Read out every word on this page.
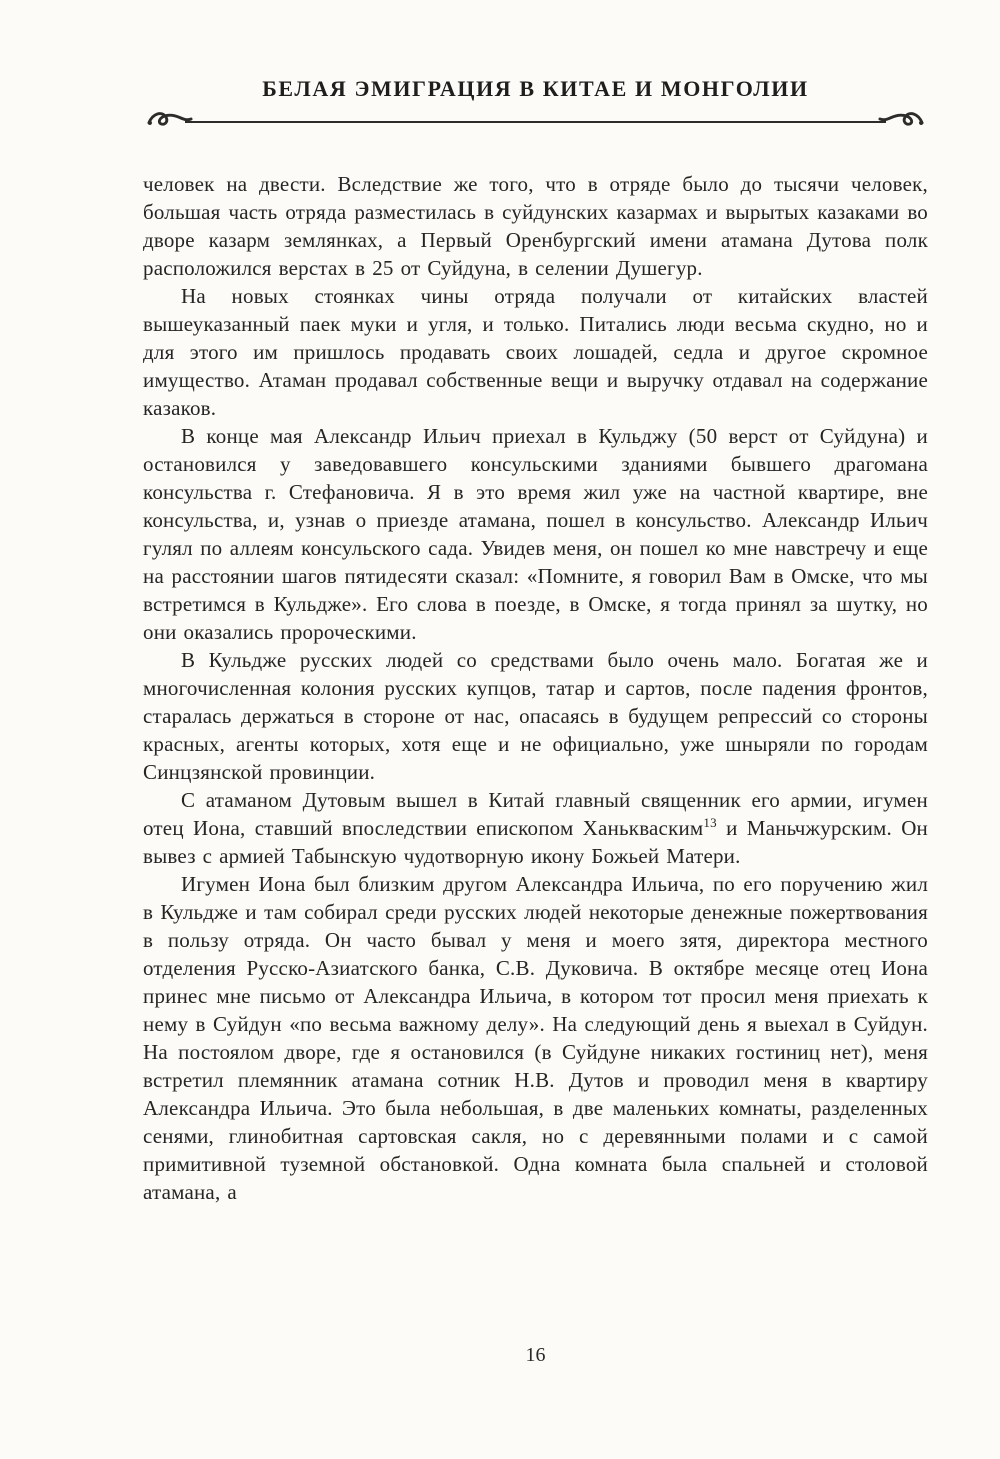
БЕЛАЯ ЭМИГРАЦИЯ В КИТАЕ И МОНГОЛИИ

человек на двести. Вследствие же того, что в отряде было до тысячи человек, большая часть отряда разместилась в суйдунских казармах и вырытых казаками во дворе казарм землянках, а Первый Оренбургский имени атамана Дутова полк расположился верстах в 25 от Суйдуна, в селении Душегур.

На новых стоянках чины отряда получали от китайских властей вышеуказанный паек муки и угля, и только. Питались люди весьма скудно, но и для этого им пришлось продавать своих лошадей, седла и другое скромное имущество. Атаман продавал собственные вещи и выручку отдавал на содержание казаков.

В конце мая Александр Ильич приехал в Кульджу (50 верст от Суйдуна) и остановился у заведовавшего консульскими зданиями бывшего драгомана консульства г. Стефановича. Я в это время жил уже на частной квартире, вне консульства, и, узнав о приезде атамана, пошел в консульство. Александр Ильич гулял по аллеям консульского сада. Увидев меня, он пошел ко мне навстречу и еще на расстоянии шагов пятидесяти сказал: «Помните, я говорил Вам в Омске, что мы встретимся в Кульдже». Его слова в поезде, в Омске, я тогда принял за шутку, но они оказались пророческими.

В Кульдже русских людей со средствами было очень мало. Богатая же и многочисленная колония русских купцов, татар и сартов, после падения фронтов, старалась держаться в стороне от нас, опасаясь в будущем репрессий со стороны красных, агенты которых, хотя еще и не официально, уже шныряли по городам Синцзянской провинции.

С атаманом Дутовым вышел в Китай главный священник его армии, игумен отец Иона, ставший впоследствии епископом Ханькваским$^{13}$ и Маньчжурским. Он вывез с армией Табынскую чудотворную икону Божьей Матери.

Игумен Иона был близким другом Александра Ильича, по его поручению жил в Кульдже и там собирал среди русских людей некоторые денежные пожертвования в пользу отряда. Он часто бывал у меня и моего зятя, директора местного отделения Русско-Азиатского банка, С.В. Дуковича. В октябре месяце отец Иона принес мне письмо от Александра Ильича, в котором тот просил меня приехать к нему в Суйдун «по весьма важному делу». На следующий день я выехал в Суйдун. На постоялом дворе, где я остановился (в Суйдуне никаких гостиниц нет), меня встретил племянник атамана сотник Н.В. Дутов и проводил меня в квартиру Александра Ильича. Это была небольшая, в две маленьких комнаты, разделенных сенями, глинобитная сартовская сакля, но с деревянными полами и с самой примитивной туземной обстановкой. Одна комната была спальней и столовой атамана, а

16
